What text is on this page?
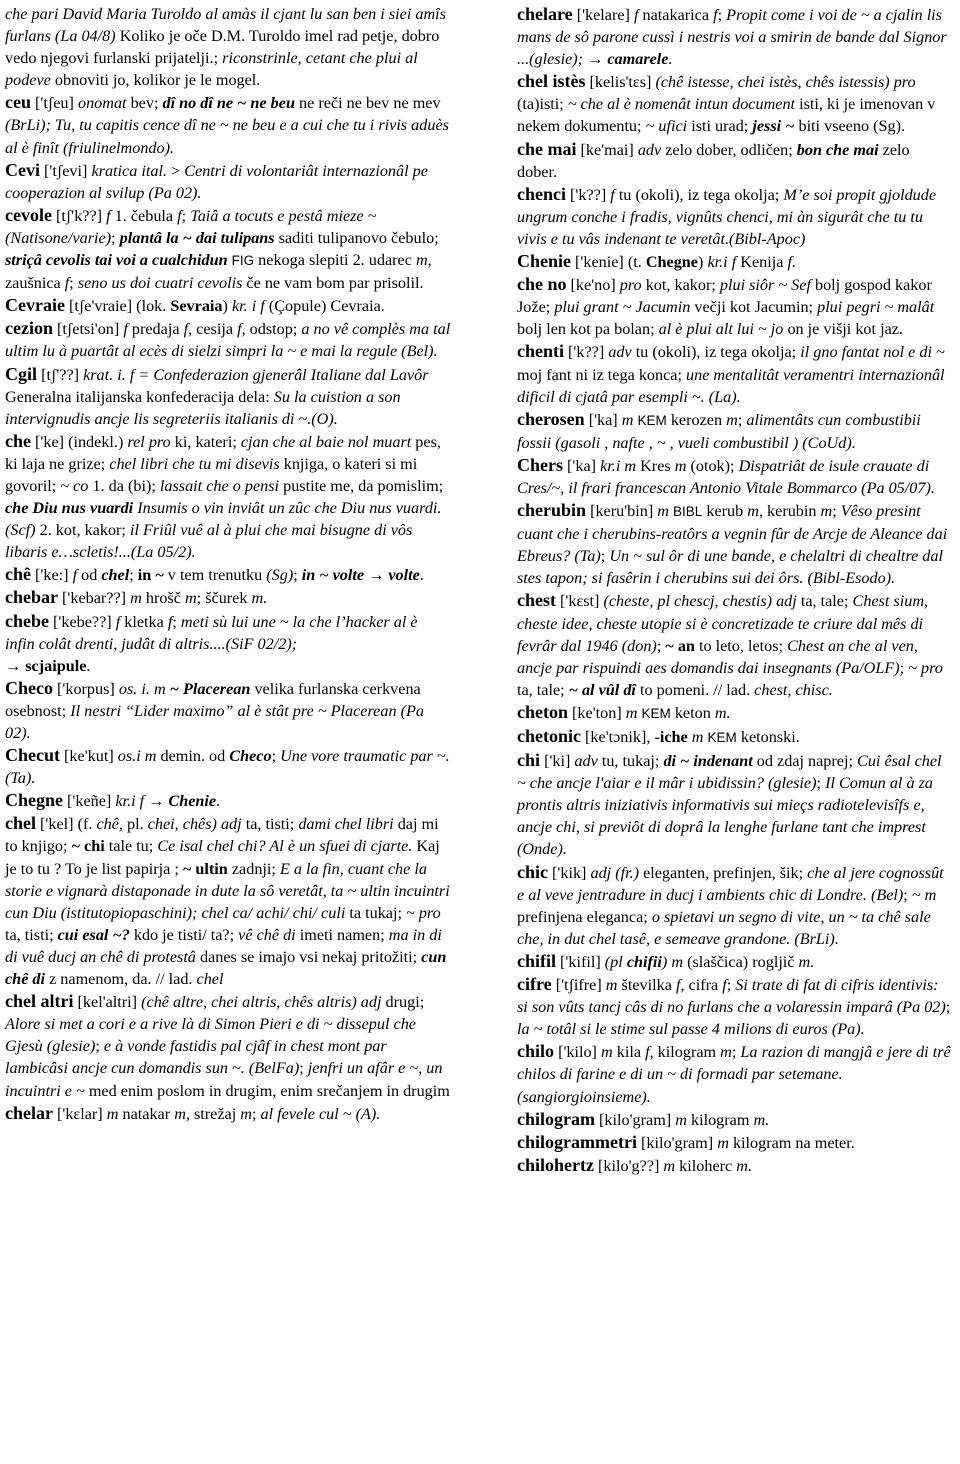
che pari David Maria Turoldo al amàs il cjant lu san ben i siei amîs furlans (La 04/8) Koliko je oče D.M. Turoldo imel rad petje, dobro vedo njegovi furlanski prijatelji.; riconstrinle, cetant che plui al podeve obnoviti jo, kolikor je le mogel.

ceu ['tʃeu] onomat bev; dî no dî ne ~ ne beu ne reči ne bev ne mev (BrLi); Tu, tu capitis cence dî ne ~ ne beu e a cui che tu i rivis aduès al è finît (friulinelmondo).

Cevi ['tʃevi] kratica ital. > Centri di volontariât internazionâl pe cooperazion al svilup (Pa 02).

cevole [tʃ'k??] f 1. čebula f; Taiâ a tocuts e pestâ mieze ~ (Natisone/varie); plantâ la ~ dai tulipans saditi tulipanovo čebulo; striçâ cevolis tai voi a cualchidun FIG nekoga slepiti 2. udarec m, zaušnica f; seno us doi cuatri cevolis če ne vam bom par prisolil.

Cevraie [tʃe'vraie] (lok. Sevraia) kr. i f (Çopule) Cevraia.

cezion [tʃetsi'on] f predaja f, cesija f, odstop; a no vê complès ma tal ultim lu à puartât al ecès di sielzi simpri la ~ e mai la regule (Bel).

Cgil [tʃ'??] krat. i. f = Confederazion gjenerâl Italiane dal Lavôr Generalna italijanska konfederacija dela: Su la cuistion a son intervignudis ancje lis segreteriis italianis di ~.(O).

che ['ke] (indekl.) rel pro ki, kateri; cjan che al baie nol muart pes, ki laja ne grize; chel libri che tu mi disevis knjiga, o kateri si mi govoril; ~ co 1. da (bi); lassait che o pensi pustite me, da pomislim; che Diu nus vuardi Insumis o vin inviât un zûc che Diu nus vuardi.(Scf) 2. kot, kakor; il Friûl vuê al à plui che mai bisugne di vôs libaris e…scletis!...(La 05/2).

chê ['ke:] f od chel; in ~ v tem trenutku (Sg); in ~ volte → volte.

chebar ['kebar??] m hrošč m; ščurek m.

chebe ['kebe??] f kletka f; meti sù lui une ~ la che l’hacker al è infin colât drenti, judât di altris....(SiF 02/2);

→ scjaipule.

Checo ['korpus] os. i. m ~ Placerean velika furlanska cerkvena osebnost; Il nestri “Lider maximo” al è stât pre ~ Placerean (Pa 02).

Checut [ke'kut] os.i m demin. od Checo; Une vore traumatic par ~. (Ta).

Chegne ['keñe] kr.i f → Chenie.

chel ['kel] (f. chê, pl. chei, chês) adj ta, tisti; dami chel libri daj mi to knjigo; ~ chi tale tu; Ce isal chel chi? Al è un sfuei di cjarte. Kaj je to tu ? To je list papirja ; ~ ultin zadnji; E a la fin, cuant che la storie e vignarà distaponade in dute la sô veretât, ta ~ ultin incuintri cun Diu (istitutopiopaschini); chel ca/ achi/ chi/ culi ta tukaj; ~ pro ta, tisti; cui esal ~? kdo je tisti/ ta?; vê chê di imeti namen; ma in di di vuê ducj an chê di protestâ danes se imajo vsi nekaj pritožiti; cun chê di z namenom, da. // lad. chel

chel altri [kel'altri] (chê altre, chei altris, chês altris) adj drugi; Alore si met a cori e a rive là di Simon Pieri e di ~ dissepul che Gjesù (glesie); e à vonde fastidis pal cjâf in chest mont par lambicâsi ancje cun domandis sun ~. (BelFa); jenfri un afâr e ~, un incuintri e ~ med enim poslom in drugim, enim srečanjem in drugim

chelar ['kɛlar] m natakar m, strežaj m; al fevele cul ~ (A).

chelare ['kelare] f natakarica f; Propit come i voi de ~ a cjalin lis mans de sô parone cussì i nestris voi a smirin de bande dal Signor ...(glesie); → camarele.

chel istès [kelis'tɛs] (chê istesse, chei istès, chês istessis) pro (ta)isti; ~ che al è nomenât intun document isti, ki je imenovan v nekem dokumentu; ~ ufici isti urad; jessi ~ biti vseeno (Sg).

che mai [ke'mai] adv zelo dober, odličen; bon che mai zelo dober.

chenci ['k??] f tu (okoli), iz tega okolja; M’e soi propit gjoldude ungrum conche i fradis, vignûts chenci, mi àn sigurât che tu tu vivis e tu vâs indenant te veretât.(Bibl-Apoc)

Chenie ['kenie] (t. Chegne) kr.i f Kenija f.

che no [ke'no] pro kot, kakor; plui siôr ~ Sef bolj gospod kakor Jože; plui grant ~ Jacumin večji kot Jacumin; plui pegri ~ malât bolj len kot pa bolan; al è plui alt lui ~ jo on je višji kot jaz.

chenti ['k??] adv tu (okoli), iz tega okolja; il gno fantat nol e di ~ moj fant ni iz tega konca; une mentalitât veramentri internazionâl dificil di cjatâ par esempli ~. (La).

cherosen ['ka] m KEM kerozen m; alimentâts cun combustibii fossii (gasoli , nafte , ~ , vueli combustibil ) (CoUd).

Chers ['ka] kr.i m Kres m (otok); Dispatriât de isule crauate di Cres/~, il frari francescan Antonio Vitale Bommarco (Pa 05/07).

cherubin [keru'bin] m BIBL kerub m, kerubin m; Vêso presint cuant che i cherubins-reatôrs a vegnin fûr de Arcje de Aleance dai Ebreus? (Ta); Un ~ sul ôr di une bande, e chelaltri di chealtre dal stes tapon; si fasêrin i cherubins sui dei ôrs. (Bibl-Esodo).

chest ['kɛst] (cheste, pl chescj, chestis) adj ta, tale; Chest sium, cheste idee, cheste utopie si è concretizade te criure dal mês di fevrâr dal 1946 (don); ~ an to leto, letos; Chest an che al ven, ancje par rispuindi aes domandis dai insegnants (Pa/OLF); ~ pro ta, tale; ~ al vûl dî to pomeni. // lad. chest, chisc.

cheton [ke'ton] m KEM keton m.

chetonic [ke'tɔnik], -iche m KEM ketonski.

chi ['ki] adv tu, tukaj; di ~ indenant od zdaj naprej; Cui êsal chel ~ che ancje l'aiar e il mâr i ubidissin? (glesie); Il Comun al à za prontis altris iniziativis informativis sui mieçs radiotelevisîfs e, ancje chi, si previôt di doprâ la lenghe furlane tant che imprest (Onde).

chic ['kik] adj (fr.) eleganten, prefinjen, šik; che al jere cognossût e al veve jentradure in ducj i ambients chic di Londre. (Bel); ~ m prefinjena eleganca; o spietavi un segno di vite, un ~ ta chê sale che, in dut chel tasê, e semeave grandone. (BrLi).

chifil ['kifil] (pl chifii) m (slaščica) rogljič m.

cifre ['tʃifre] m številka f, cifra f; Si trate di fat di cifris identivis: si son vûts tancj câs di no furlans che a volaressin imparâ (Pa 02); la ~ totâl si le stime sul passe 4 milions di euros (Pa).

chilo ['kilo] m kila f, kilogram m; La razion di mangjâ e jere di trê chilos di farine e di un ~ di formadi par setemane.(sangiorgioinsieme).

chilogram [kilo'gram] m kilogram m.

chilogrammetri [kilo'gram] m kilogram na meter.

chilohertz [kilo'g??] m kiloherc m.
